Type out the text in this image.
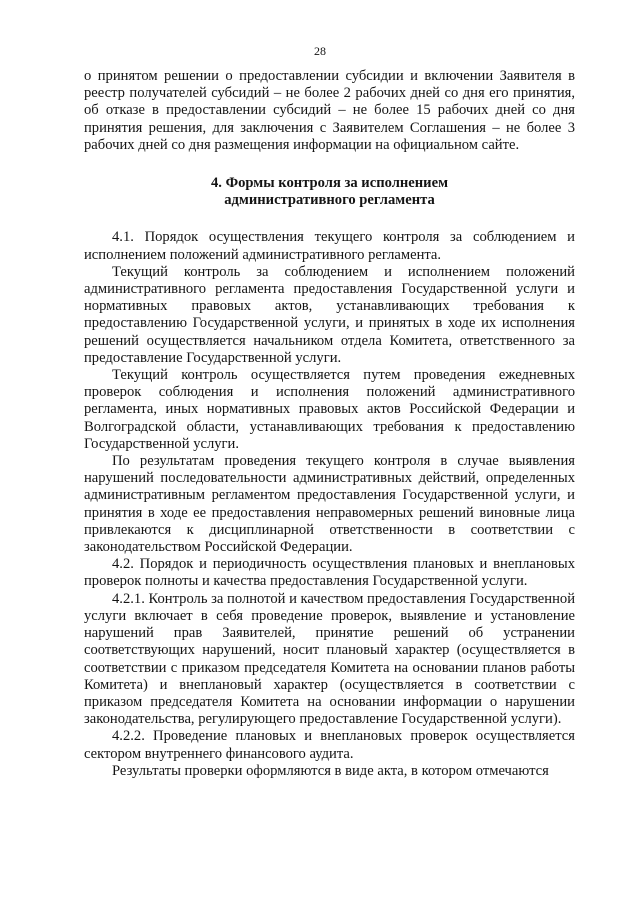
28

о принятом решении о предоставлении субсидии и включении Заявителя в реестр получателей субсидий – не более 2 рабочих дней со дня его принятия, об отказе в предоставлении субсидий – не более 15 рабочих дней со дня принятия решения, для заключения с Заявителем Соглашения – не более 3 рабочих дней со дня размещения информации на официальном сайте.

4. Формы контроля за исполнением
административного регламента

4.1. Порядок осуществления текущего контроля за соблюдением и исполнением положений административного регламента.

Текущий контроль за соблюдением и исполнением положений административного регламента предоставления Государственной услуги и нормативных правовых актов, устанавливающих требования к предоставлению Государственной услуги, и принятых в ходе их исполнения решений осуществляется начальником отдела Комитета, ответственного за предоставление Государственной услуги.

Текущий контроль осуществляется путем проведения ежедневных проверок соблюдения и исполнения положений административного регламента, иных нормативных правовых актов Российской Федерации и Волгоградской области, устанавливающих требования к предоставлению Государственной услуги.

По результатам проведения текущего контроля в случае выявления нарушений последовательности административных действий, определенных административным регламентом предоставления Государственной услуги, и принятия в ходе ее предоставления неправомерных решений виновные лица привлекаются к дисциплинарной ответственности в соответствии с законодательством Российской Федерации.

4.2. Порядок и периодичность осуществления плановых и внеплановых проверок полноты и качества предоставления Государственной услуги.

4.2.1. Контроль за полнотой и качеством предоставления Государственной услуги включает в себя проведение проверок, выявление и установление нарушений прав Заявителей, принятие решений об устранении соответствующих нарушений, носит плановый характер (осуществляется в соответствии с приказом председателя Комитета на основании планов работы Комитета) и внеплановый характер (осуществляется в соответствии с приказом председателя Комитета на основании информации о нарушении законодательства, регулирующего предоставление Государственной услуги).

4.2.2. Проведение плановых и внеплановых проверок осуществляется сектором внутреннего финансового аудита.

Результаты проверки оформляются в виде акта, в котором отмечаются
